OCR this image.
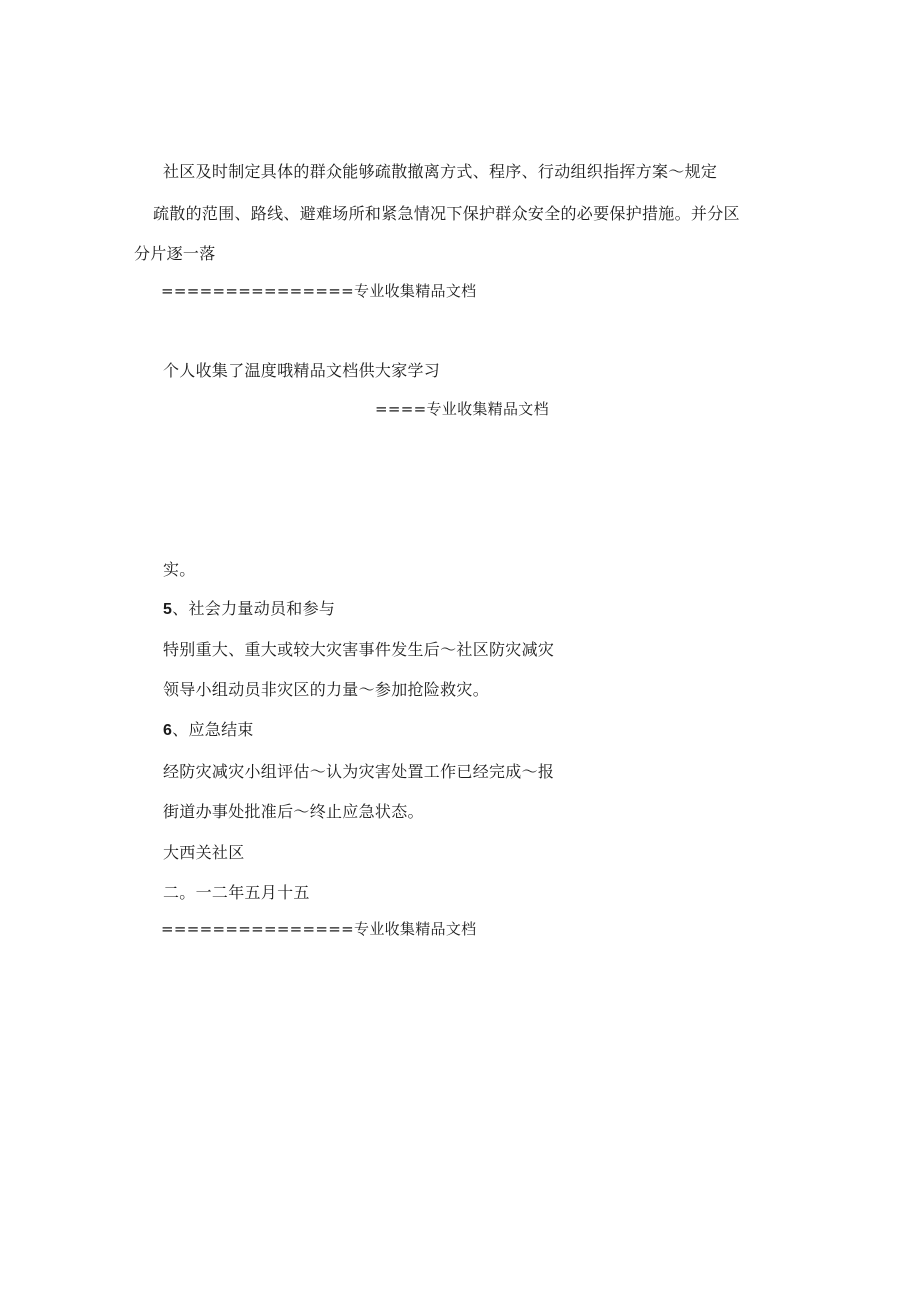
社区及时制定具体的群众能够疏散撤离方式、程序、行动组织指挥方案～规定
疏散的范围、路线、避难场所和紧急情况下保护群众安全的必要保护措施。并分区
分片逐一落
===============专业收集精品文档
个人收集了温度哦精品文档供大家学习
====专业收集精品文档
实。
5、社会力量动员和参与
特别重大、重大或较大灾害事件发生后～社区防灾减灾
领导小组动员非灾区的力量～参加抢险救灾。
6、应急结束
经防灾减灾小组评估～认为灾害处置工作已经完成～报
街道办事处批准后～终止应急状态。
大西关社区
二。一二年五月十五
===============专业收集精品文档
